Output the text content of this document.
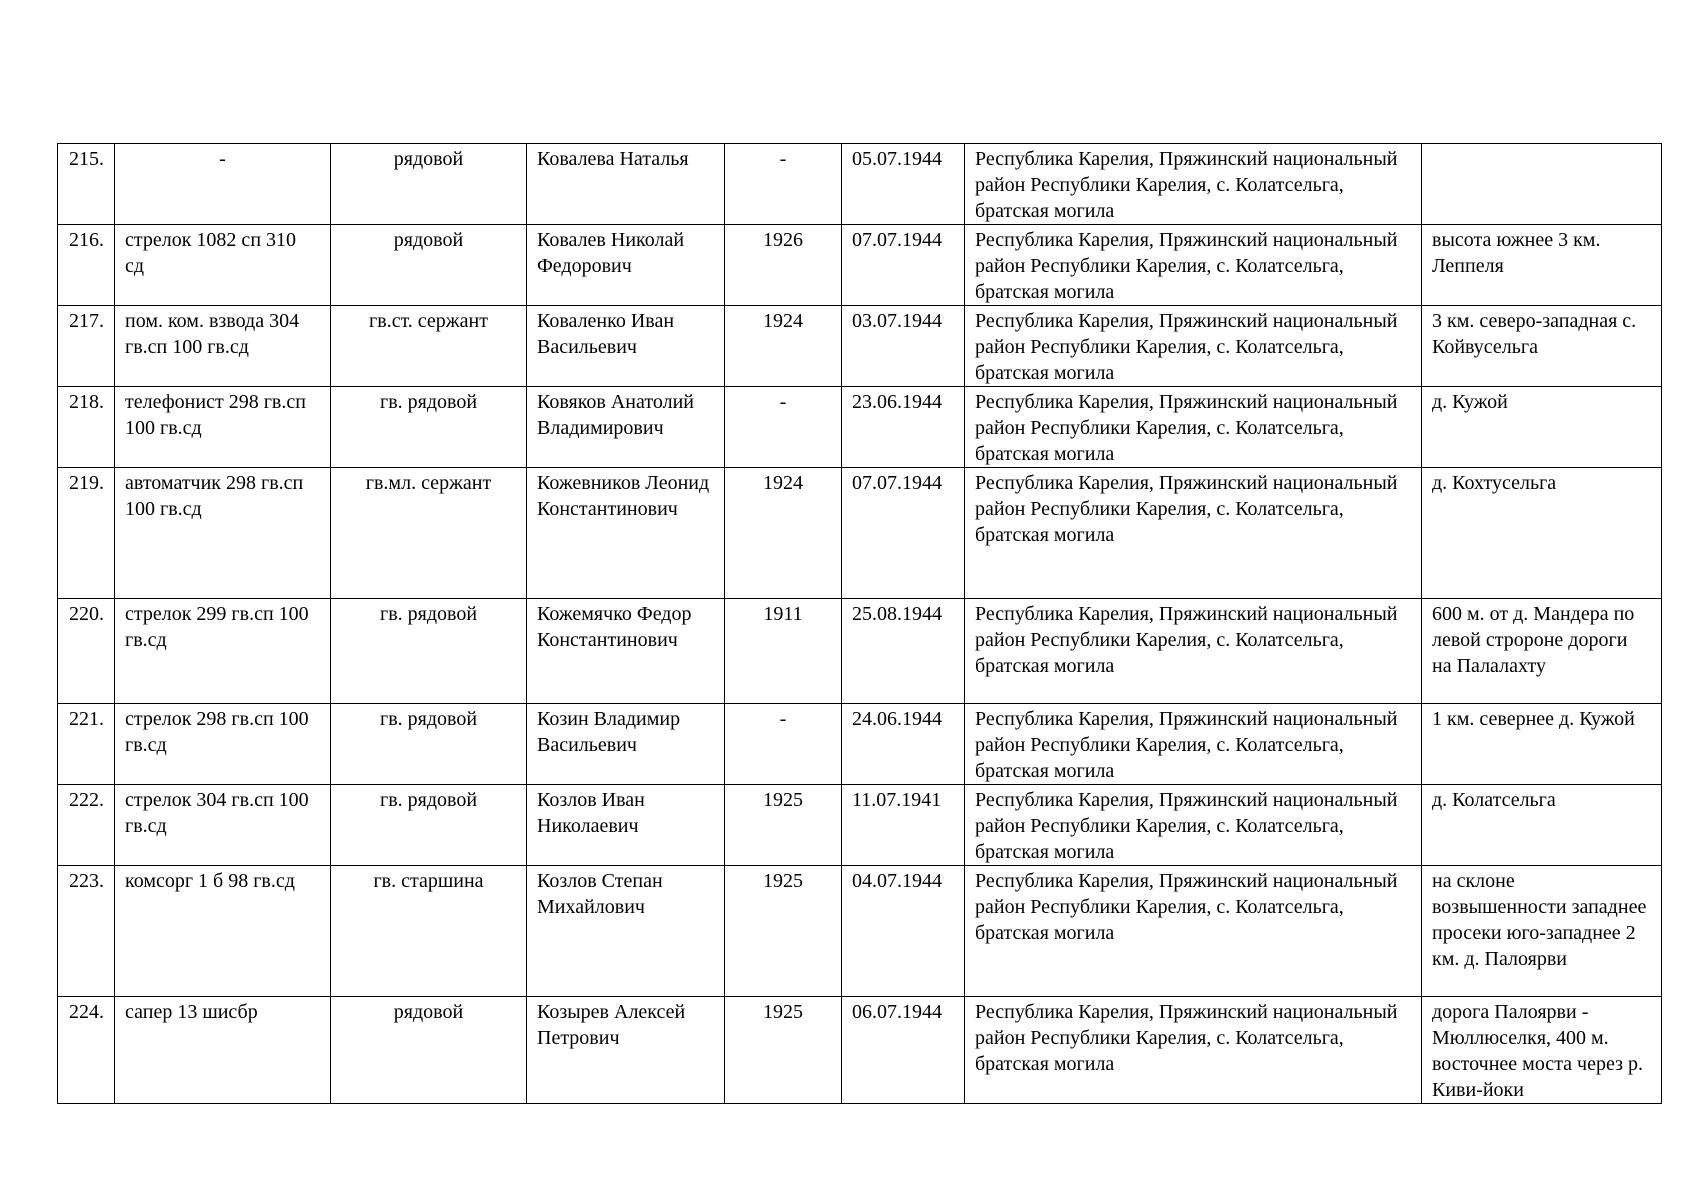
215.	-	рядовой	Ковалева Наталья	-	05.07.1944	Республика Карелия, Пряжинский национальный район Республики Карелия, с. Колатсельга, братская могила	
216.	стрелок 1082 сп 310 сд	рядовой	Ковалев Николай Федорович	1926	07.07.1944	Республика Карелия, Пряжинский национальный район Республики Карелия, с. Колатсельга, братская могила	высота южнее 3 км. Леппеля
217.	пом. ком. взвода 304 гв.сп 100 гв.сд	гв.ст. сержант	Коваленко Иван Васильевич	1924	03.07.1944	Республика Карелия, Пряжинский национальный район Республики Карелия, с. Колатсельга, братская могила	3 км. северо-западная с. Койвусельга
218.	телефонист 298 гв.сп 100 гв.сд	гв. рядовой	Ковяков Анатолий Владимирович	-	23.06.1944	Республика Карелия, Пряжинский национальный район Республики Карелия, с. Колатсельга, братская могила	д. Кужой
219.	автоматчик 298 гв.сп 100 гв.сд	гв.мл. сержант	Кожевников Леонид Константинович	1924	07.07.1944	Республика Карелия, Пряжинский национальный район Республики Карелия, с. Колатсельга, братская могила	д. Кохтусельга
220.	стрелок 299 гв.сп 100 гв.сд	гв. рядовой	Кожемячко Федор Константинович	1911	25.08.1944	Республика Карелия, Пряжинский национальный район Республики Карелия, с. Колатсельга, братская могила	600 м. от д. Мандера по левой стророне дороги на Палалахту
221.	стрелок 298 гв.сп 100 гв.сд	гв. рядовой	Козин Владимир Васильевич	-	24.06.1944	Республика Карелия, Пряжинский национальный район Республики Карелия, с. Колатсельга, братская могила	1 км. севернее д. Кужой
222.	стрелок 304 гв.сп 100 гв.сд	гв. рядовой	Козлов Иван Николаевич	1925	11.07.1941	Республика Карелия, Пряжинский национальный район Республики Карелия, с. Колатсельга, братская могила	д. Колатсельга
223.	комсорг 1 б 98 гв.сд	гв. старшина	Козлов Степан Михайлович	1925	04.07.1944	Республика Карелия, Пряжинский национальный район Республики Карелия, с. Колатсельга, братская могила	на склоне возвышенности западнее просеки юго-западнее 2 км. д. Палоярви
224.	сапер 13 шисбр	рядовой	Козырев Алексей Петрович	1925	06.07.1944	Республика Карелия, Пряжинский национальный район Республики Карелия, с. Колатсельга, братская могила	дорога Палоярви - Мюллюселкя, 400 м. восточнее моста через р. Киви-йоки
